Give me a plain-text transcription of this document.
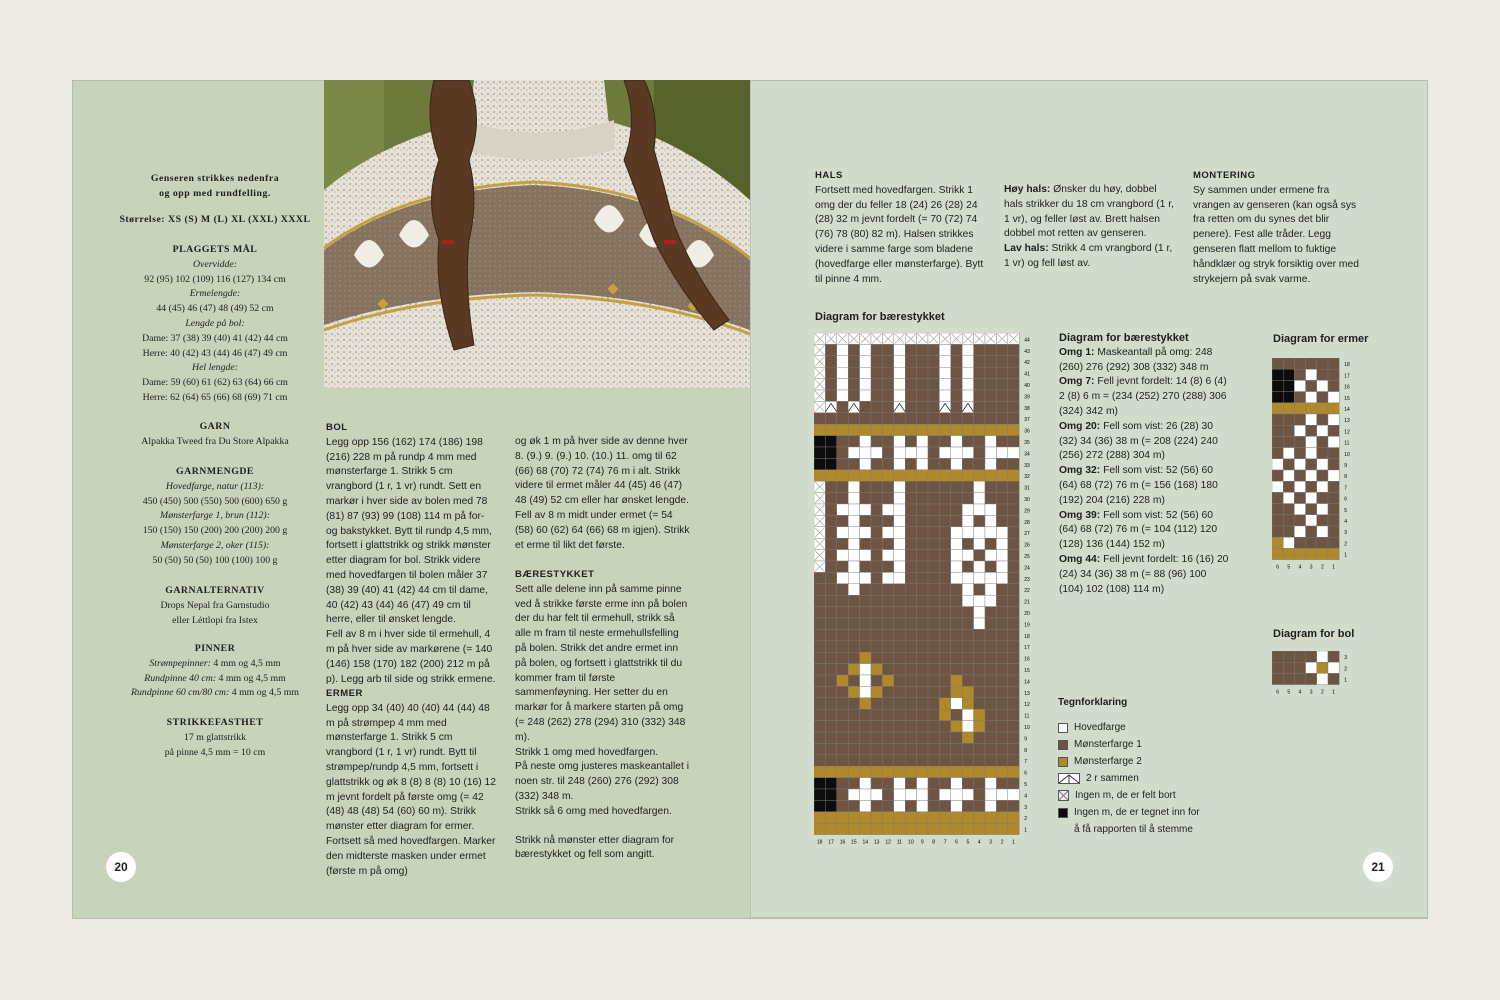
Genseren strikkes nedenfra

og opp med rundfelling.

Størrelse: XS (S) M (L) XL (XXL) XXXL

PLAGGETS MÅL

Overvidde:

92 (95) 102 (109) 116 (127) 134 cm

Ermelengde:

44 (45) 46 (47) 48 (49) 52 cm

Lengde på bol:

Dame: 37 (38) 39 (40) 41 (42) 44 cm

Herre: 40 (42) 43 (44) 46 (47) 49 cm

Hel lengde:

Dame: 59 (60) 61 (62) 63 (64) 66 cm

Herre: 62 (64) 65 (66) 68 (69) 71 cm

GARN

Alpakka Tweed fra Du Store Alpakka

GARNMENGDE

Hovedfarge, natur (113):

450 (450) 500 (550) 500 (600) 650 g

Mønsterfarge 1, brun (112):

150 (150) 150 (200) 200 (200) 200 g

Mønsterfarge 2, oker (115):

50 (50) 50 (50) 100 (100) 100 g

GARNALTERNATIV

Drops Nepal fra Garnstudio

eller Léttlopi fra Istex

PINNER

Strømpepinner: 4 mm og 4,5 mm

Rundpinne 40 cm: 4 mm og 4,5 mm

Rundpinne 60 cm/80 cm: 4 mm og 4,5 mm

STRIKKEFASTHET

17 m glattstrikk

på pinne 4,5 mm = 10 cm

BOL

Legg opp 156 (162) 174 (186) 198 (216) 228 m på rundp 4 mm med mønsterfarge 1. Strikk 5 cm vrangbord (1 r, 1 vr) rundt. Sett en markør i hver side av bolen med 78 (81) 87 (93) 99 (108) 114 m på for- og bakstykket. Bytt til rundp 4,5 mm, fortsett i glattstrikk og strikk mønster etter diagram for bol. Strikk videre med hovedfargen til bolen måler 37 (38) 39 (40) 41 (42) 44 cm til dame, 40 (42) 43 (44) 46 (47) 49 cm til herre, eller til ønsket lengde.

Fell av 8 m i hver side til ermehull, 4 m på hver side av markørene (= 140 (146) 158 (170) 182 (200) 212 m på p). Legg arb til side og strikk ermene.

ERMER

Legg opp 34 (40) 40 (40) 44 (44) 48 m på strømpep 4 mm med mønsterfarge 1. Strikk 5 cm vrangbord (1 r, 1 vr) rundt. Bytt til strømpep/rundp 4,5 mm, fortsett i glattstrikk og øk 8 (8) 8 (8) 10 (16) 12 m jevnt fordelt på første omg (= 42 (48) 48 (48) 54 (60) 60 m). Strikk mønster etter diagram for ermer. Fortsett så med hovedfargen. Marker den midterste masken under ermet (første m på omg)

og øk 1 m på hver side av denne hver 8. (9.) 9. (9.) 10. (10.) 11. omg til 62 (66) 68 (70) 72 (74) 76 m i alt. Strikk videre til ermet måler 44 (45) 46 (47) 48 (49) 52 cm eller har ønsket lengde. Fell av 8 m midt under ermet (= 54 (58) 60 (62) 64 (66) 68 m igjen). Strikk et erme til likt det første.

BÆRESTYKKET

Sett alle delene inn på samme pinne ved å strikke første erme inn på bolen der du har felt til ermehull, strikk så alle m fram til neste ermehullsfelling på bolen. Strikk det andre ermet inn på bolen, og fortsett i glattstrikk til du kommer fram til første sammenføyning. Her setter du en markør for å markere starten på omg (= 248 (262) 278 (294) 310 (332) 348 m).

Strikk 1 omg med hovedfargen.

På neste omg justeres maskeantallet i noen str. til 248 (260) 276 (292) 308 (332) 348 m.

Strikk så 6 omg med hovedfargen.

Strikk nå mønster etter diagram for bærestykket og fell som angitt.

20

HALS

Fortsett med hovedfargen. Strikk 1 omg der du feller 18 (24) 26 (28) 24 (28) 32 m jevnt fordelt (= 70 (72) 74 (76) 78 (80) 82 m). Halsen strikkes videre i samme farge som bladene (hovedfarge eller mønsterfarge). Bytt til pinne 4 mm.

Høy hals: Ønsker du høy, dobbel hals strikker du 18 cm vrangbord (1 r, 1 vr), og feller løst av. Brett halsen dobbel mot retten av genseren.

Lav hals: Strikk 4 cm vrangbord (1 r, 1 vr) og fell løst av.

MONTERING

Sy sammen under ermene fra vrangen av genseren (kan også sys fra retten om du synes det blir penere). Fest alle tråder. Legg genseren flatt mellom to fuktige håndklær og stryk forsiktig over med strykejern på svak varme.

Diagram for bærestykket
44
43
42
41
40
39
38
37
36
35
34
33
32
31
30
29
28
27
26
25
24
23
22
21
20
19
18
17
16
15
14
13
12
11
10
9
8
7
6
5
4
3
2
1
18 17 16 15 14 13 12 11 10 9 8 7 6 5 4 3 2 1

Diagram for bærestykket

Omg 1: Maskeantall på omg: 248 (260) 276 (292) 308 (332) 348 m

Omg 7: Fell jevnt fordelt: 14 (8) 6 (4) 2 (8) 6 m = (234 (252) 270 (288) 306 (324) 342 m)

Omg 20: Fell som vist: 26 (28) 30 (32) 34 (36) 38 m (= 208 (224) 240 (256) 272 (288) 304 m)

Omg 32: Fell som vist: 52 (56) 60 (64) 68 (72) 76 m (= 156 (168) 180 (192) 204 (216) 228 m)

Omg 39: Fell som vist: 52 (56) 60 (64) 68 (72) 76 m (= 104 (112) 120 (128) 136 (144) 152 m)

Omg 44: Fell jevnt fordelt: 16 (16) 20 (24) 34 (36) 38 m (= 88 (96) 100 (104) 102 (108) 114 m)

Diagram for ermer
18
17
16
15
14
13
12
11
10
9
8
7
6
5
4
3
2
1
6 5 4 3 2 1
Diagram for bol
3
2
1
6 5 4 3 2 1
Tegnforklaring
Hovedfarge
Mønsterfarge 1
Mønsterfarge 2
2 r sammen
Ingen m, de er felt bort
Ingen m, de er tegnet inn for
å få rapporten til å stemme
21
